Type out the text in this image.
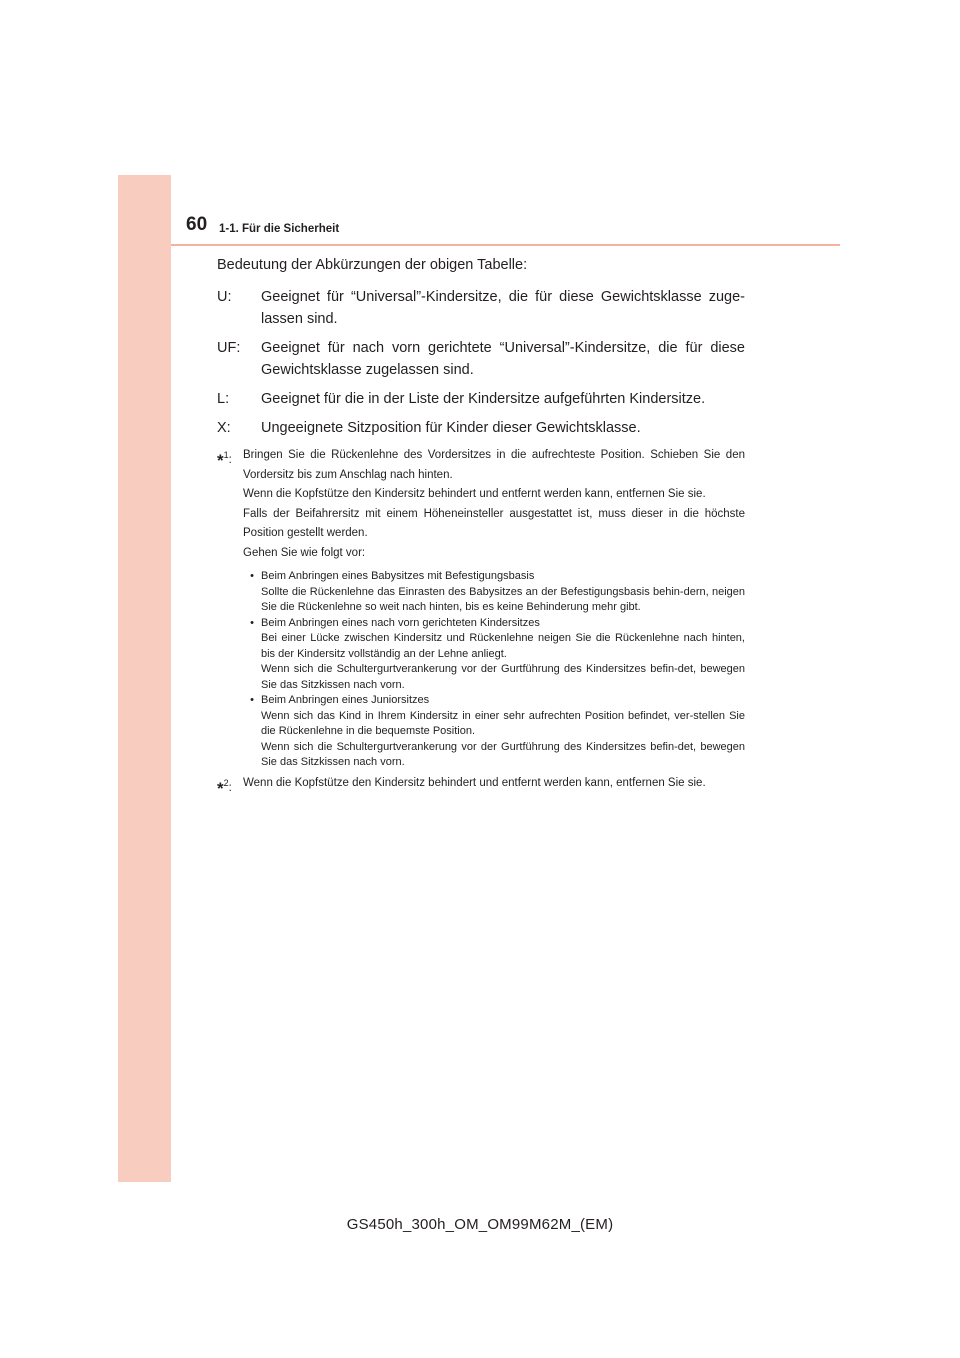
60 1-1. Für die Sicherheit

Bedeutung der Abkürzungen der obigen Tabelle:

U:	Geeignet für “Universal”-Kindersitze, die für diese Gewichtsklasse zuge-lassen sind.
UF:	Geeignet für nach vorn gerichtete “Universal”-Kindersitze, die für diese Gewichtsklasse zugelassen sind.
L:	Geeignet für die in der Liste der Kindersitze aufgeführten Kindersitze.
X:	Ungeeignete Sitzposition für Kinder dieser Gewichtsklasse.
*$^1$: Bringen Sie die Rückenlehne des Vordersitzes in die aufrechteste Position. Schieben Sie den Vordersitz bis zum Anschlag nach hinten.

Wenn die Kopfstütze den Kindersitz behindert und entfernt werden kann, entfernen Sie sie.

Falls der Beifahrersitz mit einem Höheneinsteller ausgestattet ist, muss dieser in die höchste Position gestellt werden.

Gehen Sie wie folgt vor:

• Beim Anbringen eines Babysitzes mit Befestigungsbasis

Sollte die Rückenlehne das Einrasten des Babysitzes an der Befestigungsbasis behin-dern, neigen Sie die Rückenlehne so weit nach hinten, bis es keine Behinderung mehr gibt.

• Beim Anbringen eines nach vorn gerichteten Kindersitzes

Bei einer Lücke zwischen Kindersitz und Rückenlehne neigen Sie die Rückenlehne nach hinten, bis der Kindersitz vollständig an der Lehne anliegt.

Wenn sich die Schultergurtverankerung vor der Gurtführung des Kindersitzes befin-det, bewegen Sie das Sitzkissen nach vorn.

• Beim Anbringen eines Juniorsitzes

Wenn sich das Kind in Ihrem Kindersitz in einer sehr aufrechten Position befindet, ver-stellen Sie die Rückenlehne in die bequemste Position.

Wenn sich die Schultergurtverankerung vor der Gurtführung des Kindersitzes befin-det, bewegen Sie das Sitzkissen nach vorn.

*$^2$: Wenn die Kopfstütze den Kindersitz behindert und entfernt werden kann, entfernen Sie sie.

GS450h_300h_OM_OM99M62M_(EM)
